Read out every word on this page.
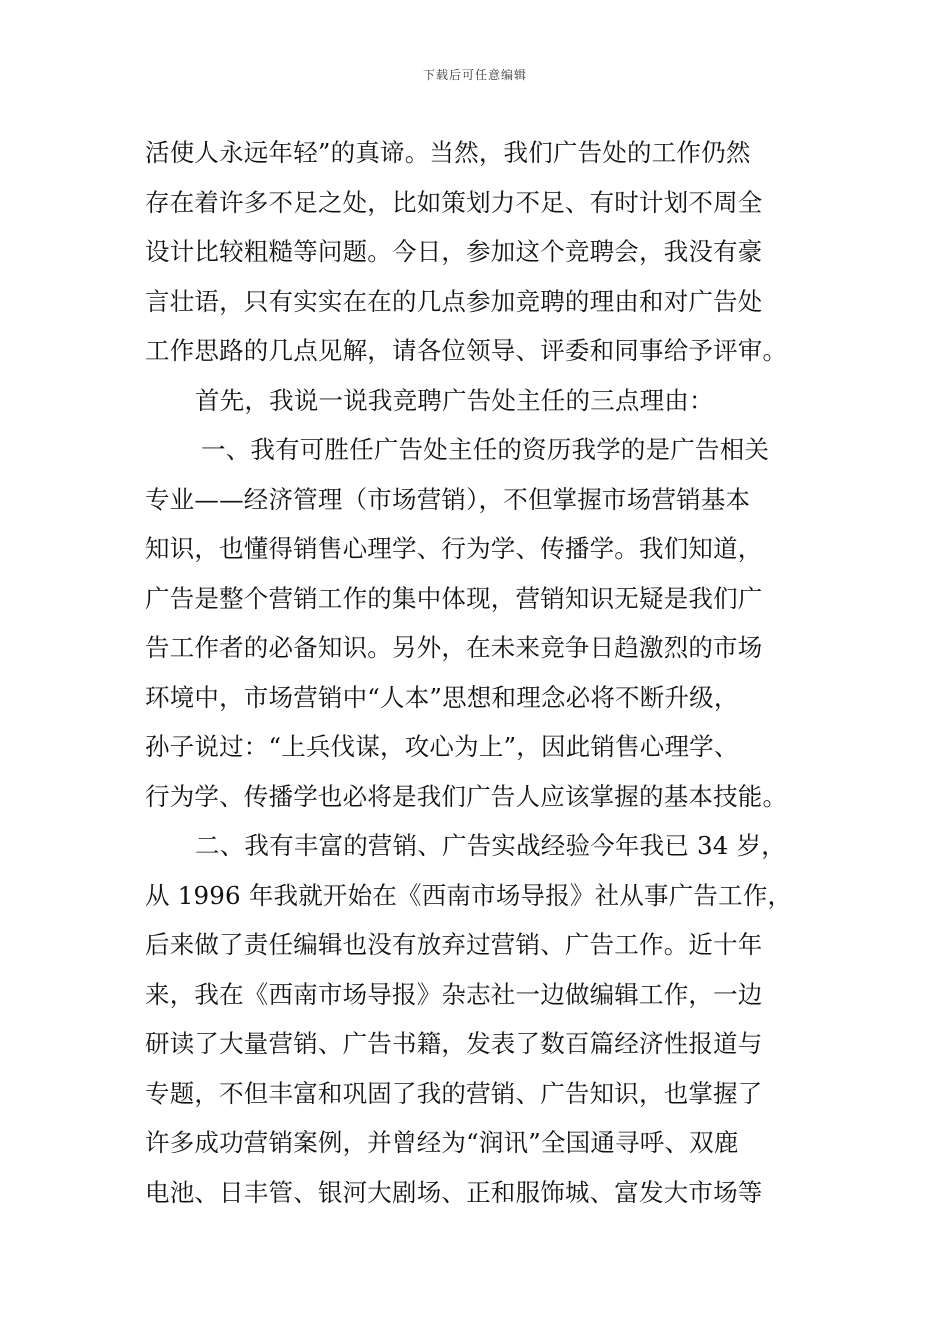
下载后可任意编辑
活使人永远年轻”的真谛。当然，我们广告处的工作仍然
存在着许多不足之处，比如策划力不足、有时计划不周全
设计比较粗糙等问题。今日，参加这个竞聘会，我没有豪
言壮语，只有实实在在的几点参加竞聘的理由和对广告处
工作思路的几点见解，请各位领导、评委和同事给予评审。
首先，我说一说我竞聘广告处主任的三点理由：
一、我有可胜任广告处主任的资历我学的是广告相关
专业——经济管理（市场营销），不但掌握市场营销基本
知识，也懂得销售心理学、行为学、传播学。我们知道，
广告是整个营销工作的集中体现，营销知识无疑是我们广
告工作者的必备知识。另外，在未来竞争日趋激烈的市场
环境中，市场营销中“人本”思想和理念必将不断升级，
孙子说过：“上兵伐谋，攻心为上”，因此销售心理学、
行为学、传播学也必将是我们广告人应该掌握的基本技能。
二、我有丰富的营销、广告实战经验今年我已 34 岁，
从 1996 年我就开始在《西南市场导报》社从事广告工作，
后来做了责任编辑也没有放弃过营销、广告工作。近十年
来，我在《西南市场导报》杂志社一边做编辑工作，一边
研读了大量营销、广告书籍，发表了数百篇经济性报道与
专题，不但丰富和巩固了我的营销、广告知识，也掌握了
许多成功营销案例，并曾经为“润讯”全国通寻呼、双鹿
电池、日丰管、银河大剧场、正和服饰城、富发大市场等
